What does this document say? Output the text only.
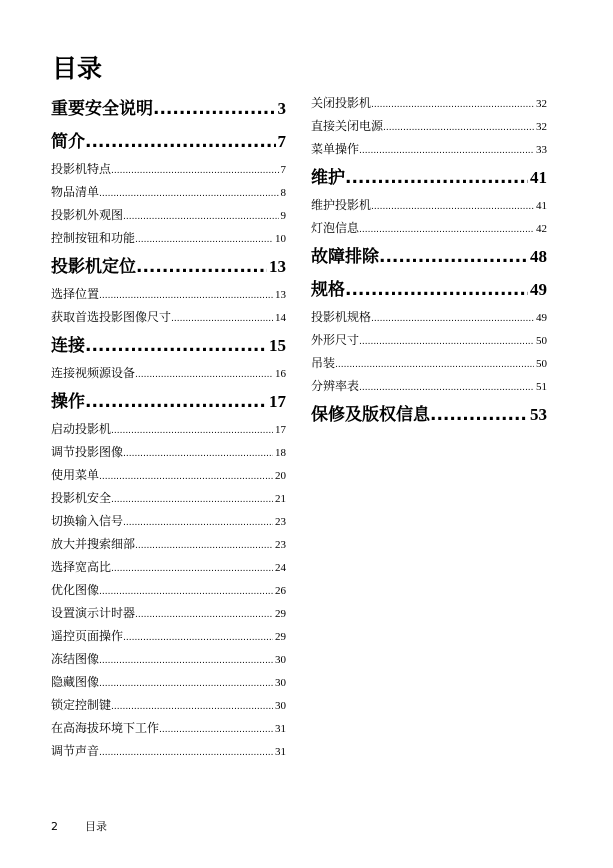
目录
重要安全说明 .....	3
简介 .....	7
投影机特点 .....	7
物品清单 .....	8
投影机外观图 .....	9
控制按钮和功能 .....	10
投影机定位 .....	13
选择位置 .....	13
获取首选投影图像尺寸 .....	14
连接 .....	15
连接视频源设备 .....	16
操作 .....	17
启动投影机 .....	17
调节投影图像 .....	18
使用菜单 .....	20
投影机安全 .....	21
切换输入信号 .....	23
放大并搜索细部 .....	23
选择宽高比 .....	24
优化图像 .....	26
设置演示计时器 .....	29
遥控页面操作 .....	29
冻结图像 .....	30
隐藏图像 .....	30
锁定控制键 .....	30
在高海拔环境下工作 .....	31
调节声音 .....	31
关闭投影机 .....	32
直接关闭电源 .....	32
菜单操作 .....	33
维护 .....	41
维护投影机 .....	41
灯泡信息 .....	42
故障排除 .....	48
规格 .....	49
投影机规格 .....	49
外形尺寸 .....	50
吊装 .....	50
分辨率表 .....	51
保修及版权信息 .....	53
2 目录
